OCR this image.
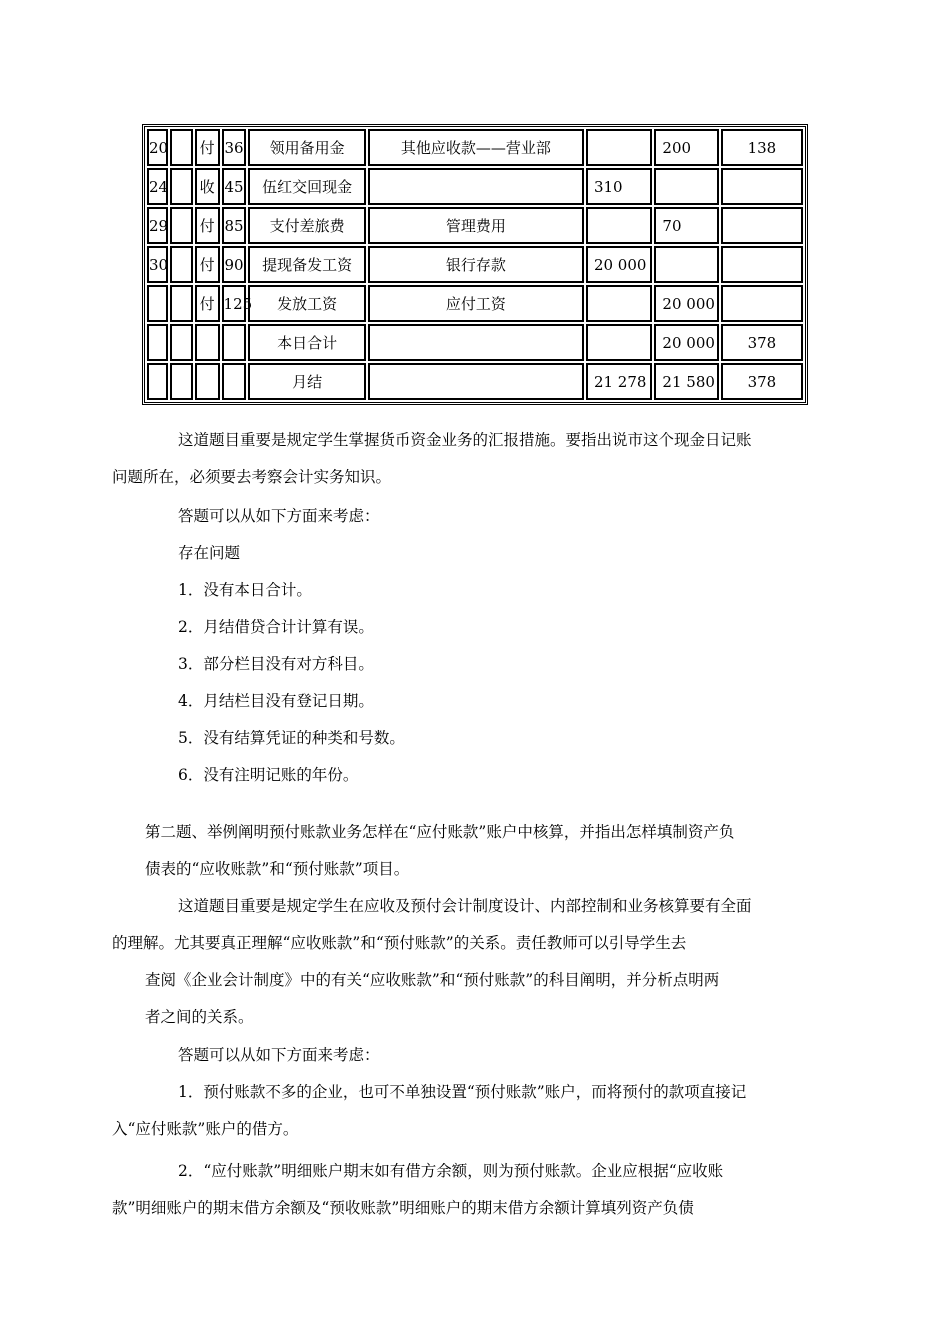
20		付	36	领用备用金	其他应收款——营业部		200	138
24		收	45	伍红交回现金		310		
29		付	85	支付差旅费	管理费用		70	
30		付	90	提现备发工资	银行存款	20 000		
		付	125	发放工资	应付工资		20 000	
				本日合计			20 000	378
				月结		21 278	21 580	378

这道题目重要是规定学生掌握货币资金业务的汇报措施。要指出说市这个现金日记账
问题所在，必须要去考察会计实务知识。

答题可以从如下方面来考虑：

存在问题

1．没有本日合计。

2．月结借贷合计计算有误。

3．部分栏目没有对方科目。

4．月结栏目没有登记日期。

5．没有结算凭证的种类和号数。

6．没有注明记账的年份。

第二题、举例阐明预付账款业务怎样在“应付账款”账户中核算，并指出怎样填制资产负
债表的“应收账款”和“预付账款”项目。

这道题目重要是规定学生在应收及预付会计制度设计、内部控制和业务核算要有全面
的理解。尤其要真正理解“应收账款”和“预付账款”的关系。责任教师可以引导学生去
查阅《企业会计制度》中的有关“应收账款”和“预付账款”的科目阐明，并分析点明两
者之间的关系。

答题可以从如下方面来考虑：

1．预付账款不多的企业，也可不单独设置“预付账款”账户，而将预付的款项直接记
入“应付账款”账户的借方。

2．“应付账款”明细账户期末如有借方余额，则为预付账款。企业应根据“应收账
款”明细账户的期末借方余额及“预收账款”明细账户的期末借方余额计算填列资产负债
